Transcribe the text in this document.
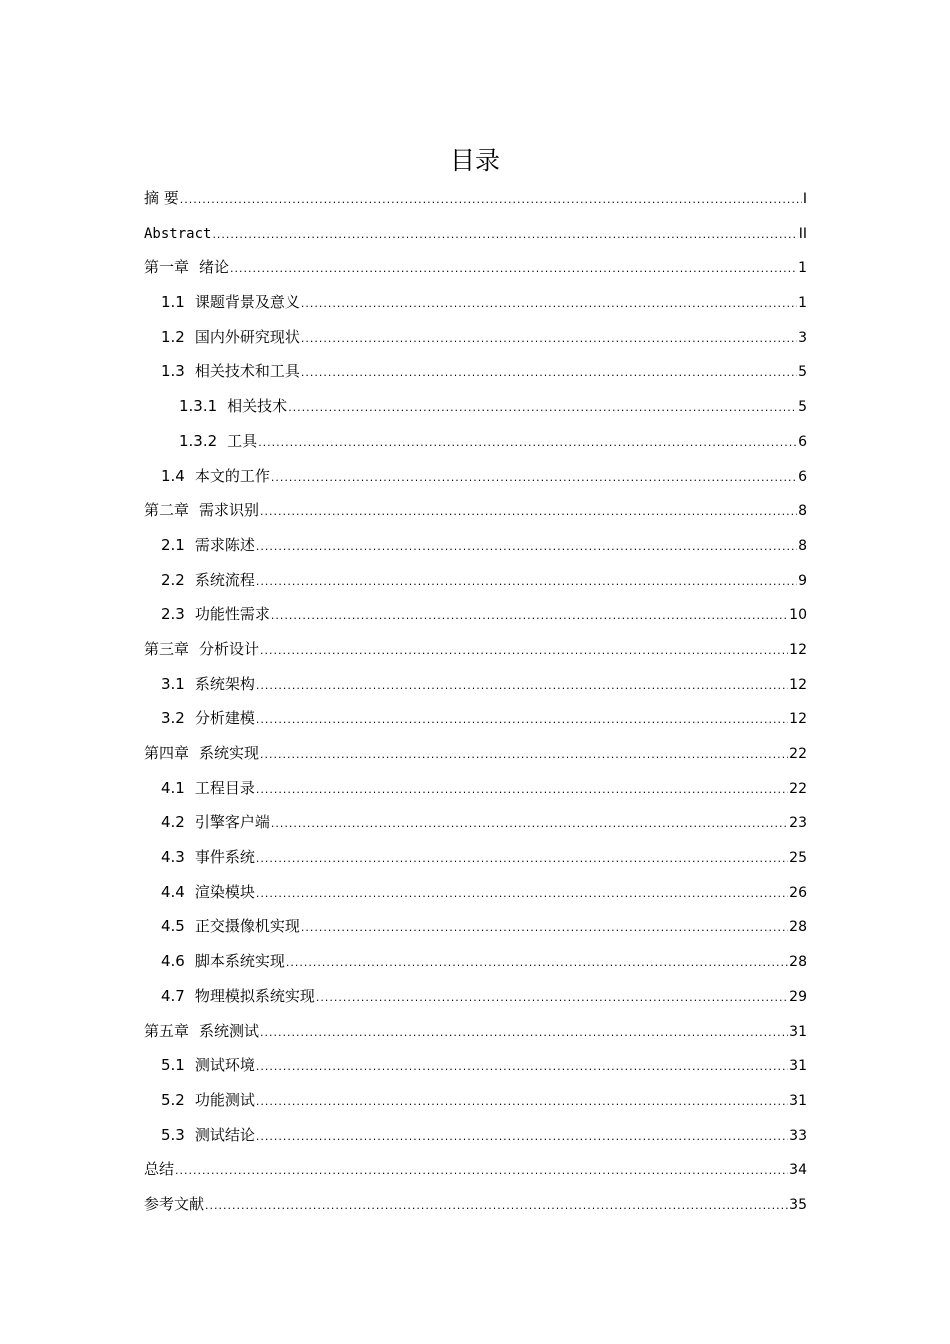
目录
摘 要 .....	I
Abstract .....	II
第一章 绪论 .....	1
1.1 课题背景及意义 .....	1
1.2 国内外研究现状 .....	3
1.3 相关技术和工具 .....	5
1.3.1 相关技术 .....	5
1.3.2 工具 .....	6
1.4 本文的工作 .....	6
第二章 需求识别 .....	8
2.1 需求陈述 .....	8
2.2 系统流程 .....	9
2.3 功能性需求 .....	10
第三章 分析设计 .....	12
3.1 系统架构 .....	12
3.2 分析建模 .....	12
第四章 系统实现 .....	22
4.1 工程目录 .....	22
4.2 引擎客户端 .....	23
4.3 事件系统 .....	25
4.4 渲染模块 .....	26
4.5 正交摄像机实现 .....	28
4.6 脚本系统实现 .....	28
4.7 物理模拟系统实现 .....	29
第五章 系统测试 .....	31
5.1 测试环境 .....	31
5.2 功能测试 .....	31
5.3 测试结论 .....	33
总结 .....	34
参考文献 .....	35
